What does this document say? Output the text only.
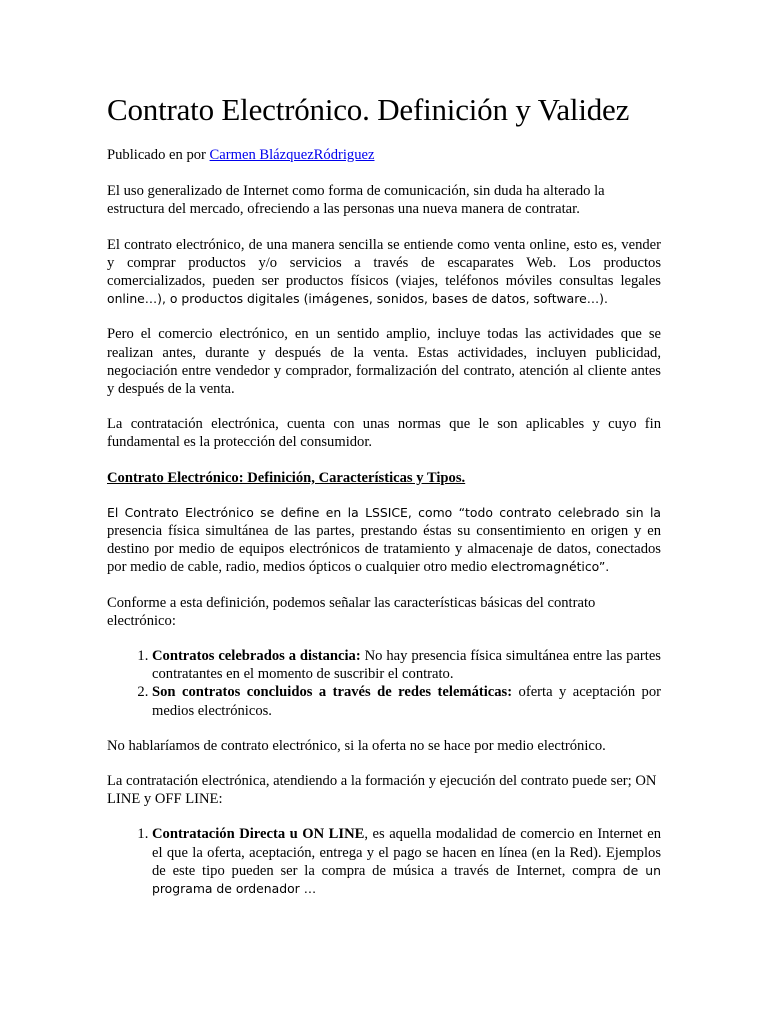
Contrato Electrónico. Definición y Validez

Publicado en por Carmen BlázquezRódriguez

El uso generalizado de Internet como forma de comunicación, sin duda ha alterado la estructura del mercado, ofreciendo a las personas una nueva manera de contratar.

El contrato electrónico, de una manera sencilla se entiende como venta online, esto es, vender y comprar productos y/o servicios a través de escaparates Web. Los productos comercializados, pueden ser productos físicos (viajes, teléfonos móviles consultas legales online…), o productos digitales (imágenes, sonidos, bases de datos, software…).

Pero el comercio electrónico, en un sentido amplio, incluye todas las actividades que se realizan antes, durante y después de la venta. Estas actividades, incluyen publicidad, negociación entre vendedor y comprador, formalización del contrato, atención al cliente antes y después de la venta.

La contratación electrónica, cuenta con unas normas que le son aplicables y cuyo fin fundamental es la protección del consumidor.

Contrato Electrónico: Definición, Características y Tipos.

El Contrato Electrónico se define en la LSSICE, como “todo contrato celebrado sin la presencia física simultánea de las partes, prestando éstas su consentimiento en origen y en destino por medio de equipos electrónicos de tratamiento y almacenaje de datos, conectados por medio de cable, radio, medios ópticos o cualquier otro medio electromagnético”.

Conforme a esta definición, podemos señalar las características básicas del contrato electrónico:

1. Contratos celebrados a distancia: No hay presencia física simultánea entre las partes contratantes en el momento de suscribir el contrato.
2. Son contratos concluidos a través de redes telemáticas: oferta y aceptación por medios electrónicos.

No hablaríamos de contrato electrónico, si la oferta no se hace por medio electrónico.

La contratación electrónica, atendiendo a la formación y ejecución del contrato puede ser; ON LINE y OFF LINE:

1. Contratación Directa u ON LINE, es aquella modalidad de comercio en Internet en el que la oferta, aceptación, entrega y el pago se hacen en línea (en la Red). Ejemplos de este tipo pueden ser la compra de música a través de Internet, compra de un programa de ordenador …
